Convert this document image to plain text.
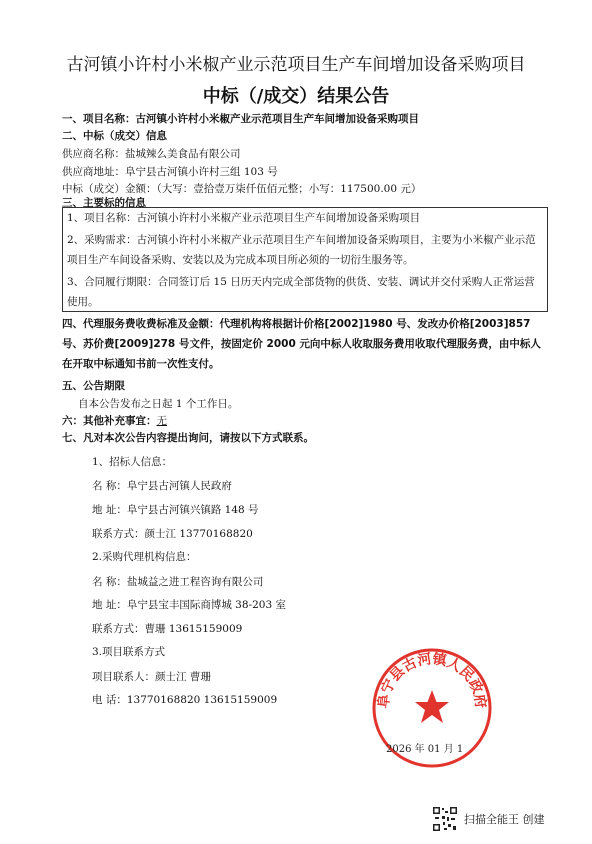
古河镇小许村小米椒产业示范项目生产车间增加设备采购项目
中标（/成交）结果公告
一、项目名称：古河镇小许村小米椒产业示范项目生产车间增加设备采购项目
二、中标（成交）信息
供应商名称：盐城辣么美食品有限公司
供应商地址：阜宁县古河镇小许村三组 103 号
中标（成交）金额：（大写：壹拾壹万柒仟伍佰元整；小写：117500.00 元）
三、主要标的信息
1、项目名称：古河镇小许村小米椒产业示范项目生产车间增加设备采购项目
2、采购需求：古河镇小许村小米椒产业示范项目生产车间增加设备采购项目，主要为小米椒产业示范项目生产车间设备采购、安装以及为完成本项目所必须的一切衍生服务等。
3、合同履行期限：合同签订后 15 日历天内完成全部货物的供货、安装、调试并交付采购人正常运营使用。
四、代理服务费收费标准及金额：代理机构将根据计价格[2002]1980 号、发改办价格[2003]857 号、苏价费[2009]278 号文件，按固定价 2000 元向中标人收取服务费用收取代理服务费，由中标人在开取中标通知书前一次性支付。
五、公告期限
自本公告发布之日起 1 个工作日。
六：其他补充事宜：无
七、凡对本次公告内容提出询问，请按以下方式联系。
1、招标人信息：
名 称：阜宁县古河镇人民政府
地 址：阜宁县古河镇兴镇路 148 号
联系方式：颜士江 13770168820
2.采购代理机构信息：
名 称：盐城益之进工程咨询有限公司
地 址：阜宁县宝丰国际商博城 38-203 室
联系方式：曹珊 13615159009
3.项目联系方式
项目联系人：颜士江 曹珊
电 话：13770168820 13615159009	阜宁县古河镇人民政府
2026 年 01 月 1
扫描全能王 创建
